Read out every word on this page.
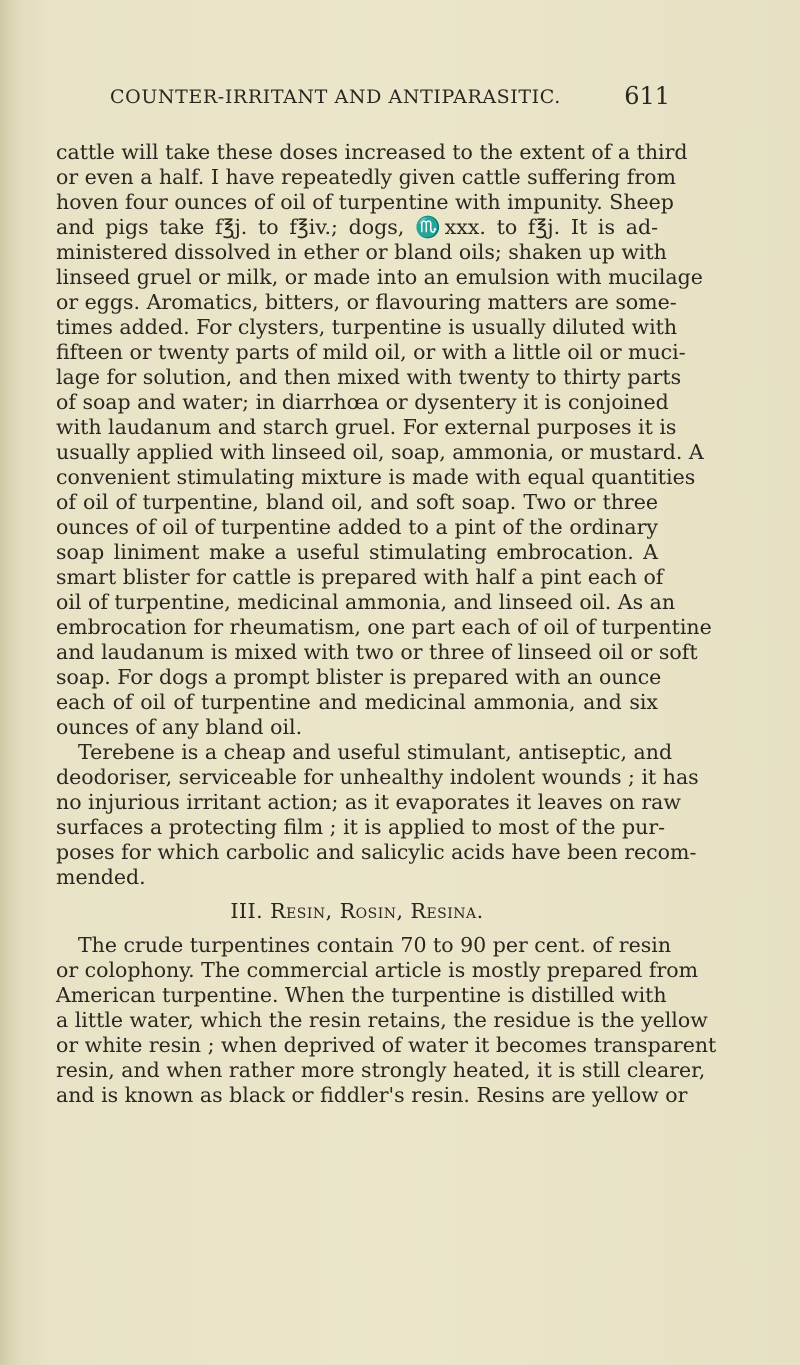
COUNTER-IRRITANT AND ANTIPARASITIC.	611
cattle will take these doses increased to the extent of a third
or even a half. I have repeatedly given cattle suffering from
hoven four ounces of oil of turpentine with impunity. Sheep
and pigs take f℥j. to f℥iv.; dogs, ♏xxx. to f℥j. It is ad-
ministered dissolved in ether or bland oils; shaken up with
linseed gruel or milk, or made into an emulsion with mucilage
or eggs. Aromatics, bitters, or flavouring matters are some-
times added. For clysters, turpentine is usually diluted with
fifteen or twenty parts of mild oil, or with a little oil or muci-
lage for solution, and then mixed with twenty to thirty parts
of soap and water; in diarrhœa or dysentery it is conjoined
with laudanum and starch gruel. For external purposes it is
usually applied with linseed oil, soap, ammonia, or mustard. A
convenient stimulating mixture is made with equal quantities
of oil of turpentine, bland oil, and soft soap. Two or three
ounces of oil of turpentine added to a pint of the ordinary
soap liniment make a useful stimulating embrocation. A
smart blister for cattle is prepared with half a pint each of
oil of turpentine, medicinal ammonia, and linseed oil. As an
embrocation for rheumatism, one part each of oil of turpentine
and laudanum is mixed with two or three of linseed oil or soft
soap. For dogs a prompt blister is prepared with an ounce
each of oil of turpentine and medicinal ammonia, and six
ounces of any bland oil.
Terebene is a cheap and useful stimulant, antiseptic, and
deodoriser, serviceable for unhealthy indolent wounds ; it has
no injurious irritant action; as it evaporates it leaves on raw
surfaces a protecting film ; it is applied to most of the pur-
poses for which carbolic and salicylic acids have been recom-
mended.
III. Resin, Rosin, Resina.
The crude turpentines contain 70 to 90 per cent. of resin
or colophony. The commercial article is mostly prepared from
American turpentine. When the turpentine is distilled with
a little water, which the resin retains, the residue is the yellow
or white resin ; when deprived of water it becomes transparent
resin, and when rather more strongly heated, it is still clearer,
and is known as black or fiddler's resin. Resins are yellow or
